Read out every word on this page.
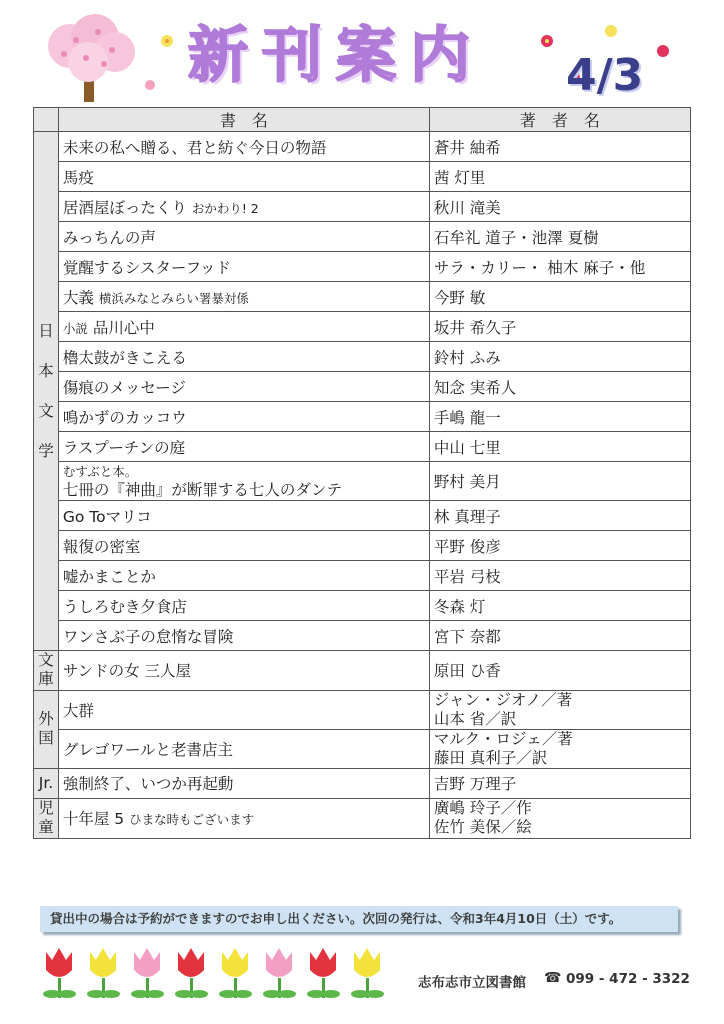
新刊案内 4/3
	書　名	著　者　名
日本文学	未来の私へ贈る、君と紡ぐ今日の物語	蒼井 紬希
	馬疫	茜 灯里
	居酒屋ぼったくり おかわり! 2	秋川 滝美
	みっちんの声	石牟礼 道子・池澤 夏樹
	覚醒するシスターフッド	サラ・カリー・ 柚木 麻子・他
	大義 横浜みなとみらい署暴対係	今野 敏
	小説 品川心中	坂井 希久子
	櫓太鼓がきこえる	鈴村 ふみ
	傷痕のメッセージ	知念 実希人
	鳴かずのカッコウ	手嶋 龍一
	ラスプーチンの庭	中山 七里
	むすぶと本。
七冊の『神曲』が断罪する七人のダンテ	野村 美月
	Go Toマリコ	林 真理子
	報復の密室	平野 俊彦
	嘘かまことか	平岩 弓枝
	うしろむき夕食店	冬森 灯
	ワンさぶ子の怠惰な冒険	宮下 奈都
文庫	サンドの女 三人屋	原田 ひ香
外国	大群	ジャン・ジオノ／著
山本 省／訳
	グレゴワールと老書店主	マルク・ロジェ／著
藤田 真利子／訳
Jr.	強制終了、いつか再起動	吉野 万理子
児童	十年屋 5 ひまな時もございます	廣嶋 玲子／作
佐竹 美保／絵
貸出中の場合は予約ができますのでお申し出ください。次回の発行は、令和3年4月10日（土）です。
志布志市立図書館 ☎ 099 - 472 - 3322
